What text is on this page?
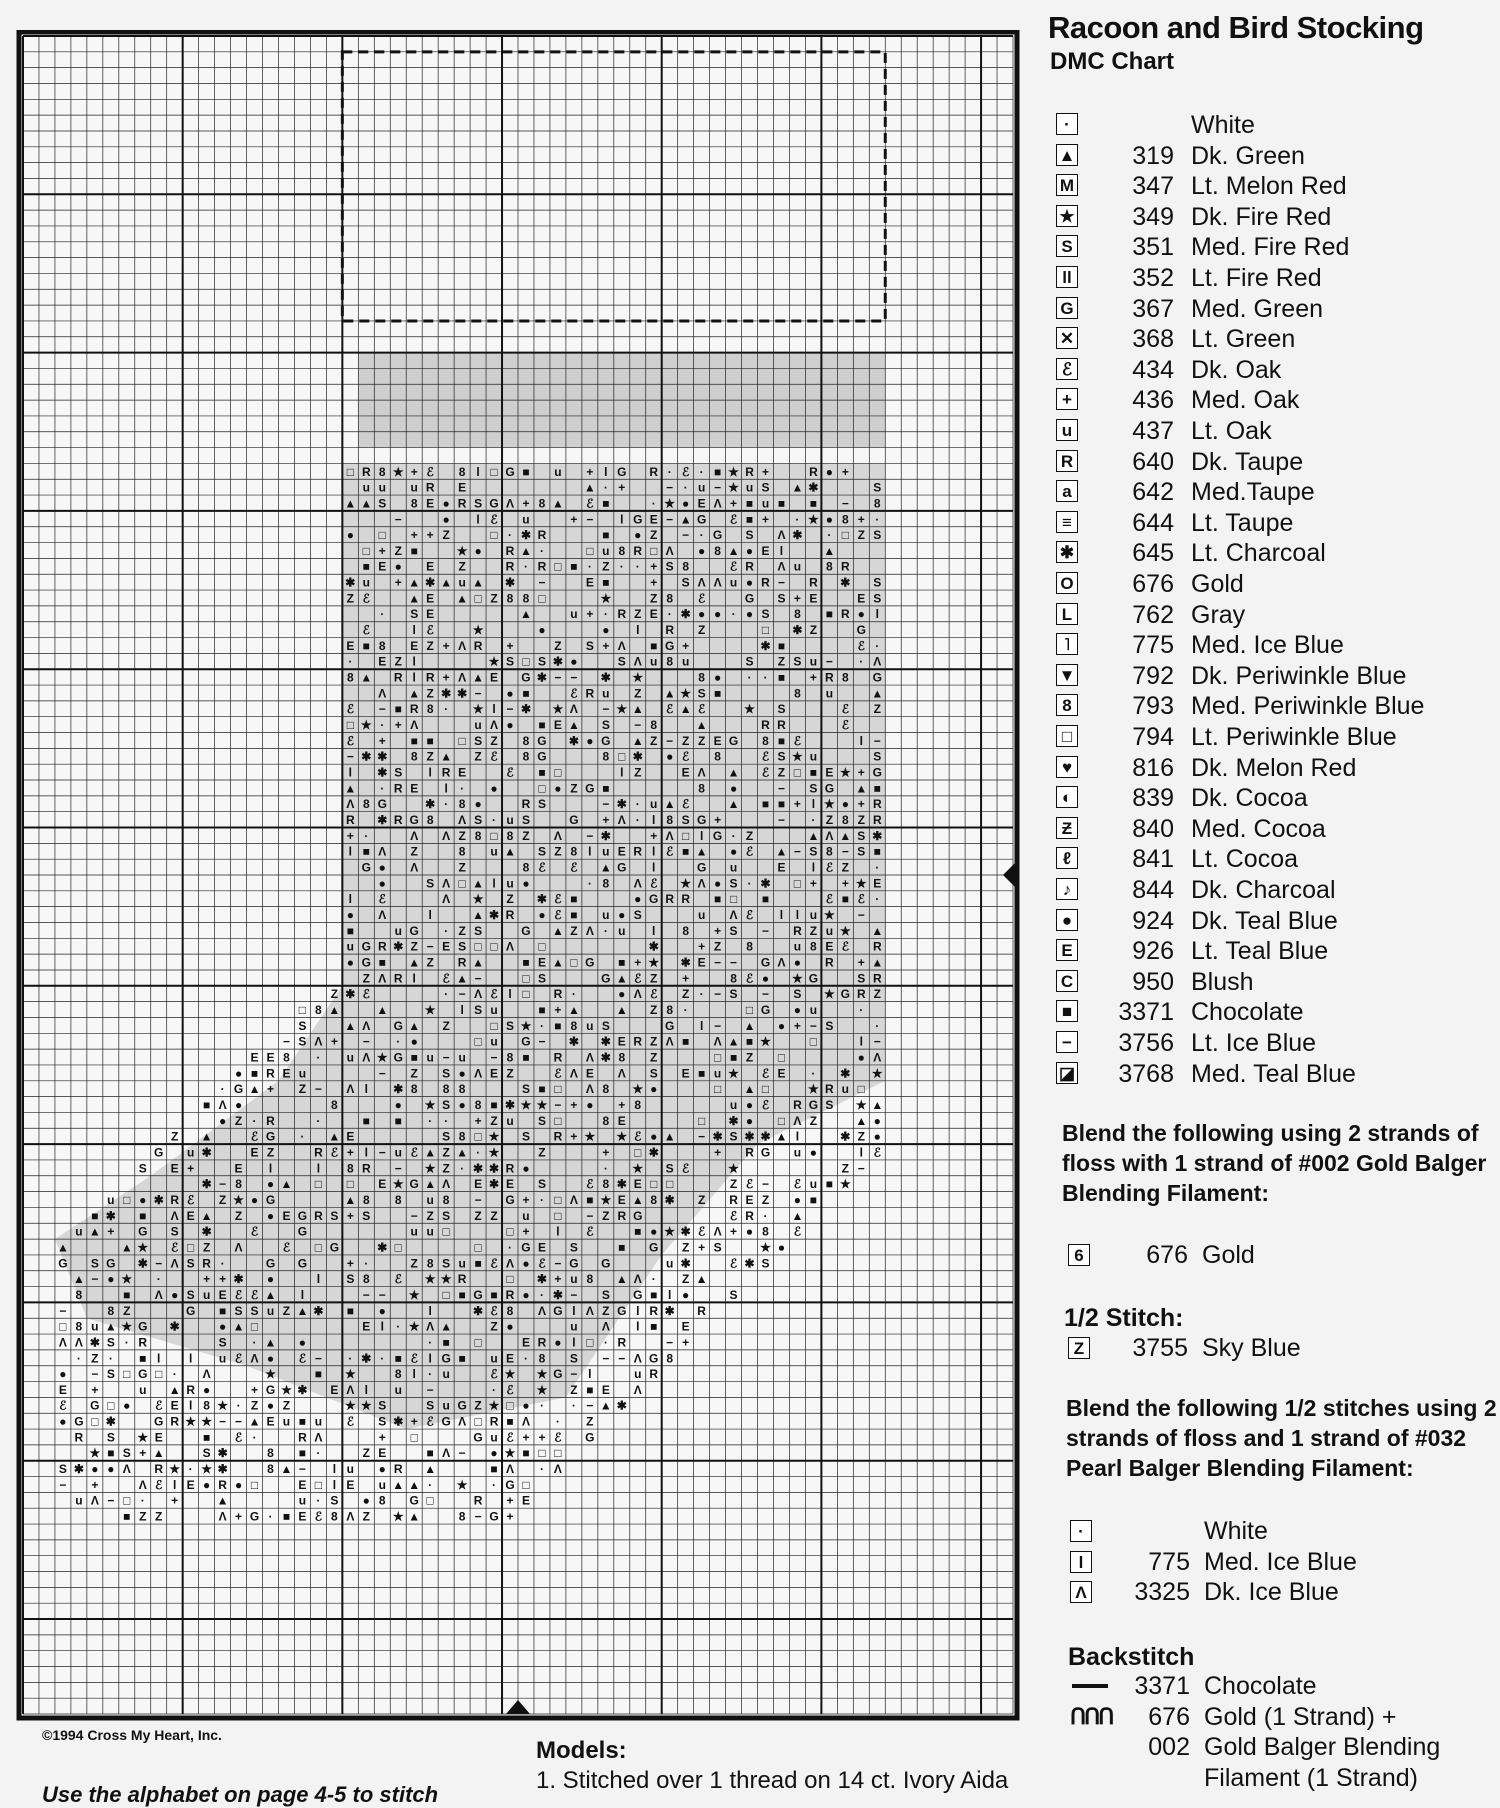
□ R 8 ★ + ℰ 8 l □ G ■ u + l G R · ℰ · ■ ★ R +	R ● +
u u u R E	▲ · +	− · u − ★ u S ▲ ✱	S
▲ ▲ S 8 E ● R S G Λ + 8 ▲ ℰ ■	· ★ ● E Λ + ■ u ■ ■ − 8
−	● l ℰ u	+ − l G E − ▲ G ℰ ■ + · ★ ● 8 + ·
● □ + + Z	□ · ✱ R	■ ● Z − · G S Λ ✱ · □ Z S
□ + Z ■	★ ● R ▲ ·	□ u 8 R □ Λ ● 8 ▲ ● E l	▲
■ E ● E Z	R · R □ ■ · Z · · + S 8	ℰ R Λ u 8 R
✱ u + ▲ ✱ ▲ u ▲ ✱ −	E ■	+ S Λ Λ u ● R − R ✱ S
Z ℰ	▲ E ▲ □ Z 8 8 □	★	Z 8 ℰ	G S + E	E S
· S E	▲	u + · R Z E · ✱ ● ● · ● S 8 ■ R ● l
ℰ	l ℰ	★	●	● l R Z	□ ✱ Z	G
E ■ 8 E Z + Λ R +	Z S + Λ ■ G +	✱ ■	ℰ ·
· E Z l	★ S □ S ✱ ●	S Λ u 8 u	S Z S u − · Λ
8 ▲ R l R + Λ ▲ E G ✱ − − ✱ ★	8 ● · · ■ + R 8 G
Λ ▲ Z ✱ ✱ − ● ■	ℰ R u Z ▲ ★ S ■	8 u	▲
ℰ − ■ R 8 · ★ l − ✱ ★ Λ − ★ ▲ ℰ ▲ ℰ	★ S	ℰ Z
□ ★ · + Λ	u Λ ● ■ E ▲ S − 8	▲	R R	ℰ
ℰ + ■ ■ □ S Z 8 G ✱ ● G ▲ Z − Z Z E G 8 ■ ℰ	l −
− ✱ ✱ 8 Z ▲ Z ℰ 8 G	8 □ ✱ ● ℰ 8	ℰ S ★ u	S
l ✱ S l R E	ℰ ■ □	l Z	E Λ ▲ ℰ Z □ ■ E ★ + G
▲ · R E l · ●	□ ● Z G ■	8 ●	− S G ▲ ■
Λ 8 G	✱ · 8 ●	R S	− ✱ · u ▲ ℰ	▲ ■ ■ + l ★ ● + R
R ✱ R G 8 Λ S · u S	G + Λ · l 8 S G +	− · Z 8 Z R
+ ·	Λ Λ Z 8 □ 8 Z Λ − ✱	+ Λ □ l G · Z	▲ Λ ▲ S ✱
l ■ Λ Z	8 u ▲ S Z 8 l u E R l ℰ ■ ▲ ● ℰ ▲ − S 8 − S ■
G ● Λ	Z	8 ℰ ℰ ▲ G l	G u	E l ℰ Z ·
●	S Λ □ ▲ l u ●	· 8 Λ ℰ ★ Λ ● S · ✱ □ + + ★ E
l ℰ	Λ ★ Z ✱ ℰ ■	● G R R ■ □ ■	ℰ ■ ℰ ·
● Λ	l	▲ ✱ R ● ℰ ■ u ● S	u Λ ℰ l l u ★ −
■	u G · Z S	G ▲ Z Λ · u l 8 + S − R Z u ★ ▲
u G R ✱ Z − E S □ □ Λ □	✱	+ Z 8	u 8 E ℰ R
● G ■ ▲ Z R ▲	■ E ▲ □ G ■ + ★ ✱ E − − G Λ ● R + ▲
Z Λ R l ℰ ▲ −	□ S	G ▲ ℰ Z +	8 ℰ ● ★ G	S R
Z ✱ ℰ	· − Λ ℰ l □ R ·	● Λ ℰ Z · − S − S ★ G R Z
□ 8 ▲	▲	★ l S u	■ + ▲	▲ Z 8 ·	□ G ● u	·
S	▲ Λ G ▲ Z	□ S ★ · ■ 8 u S	G l − ▲ ● + − S	·
− S Λ + − · ●	□ u G − ✱ ✱ E R Z Λ ■ Λ ▲ ■ ★	□	l −
E E 8 · u Λ ★ G ■ u − u − 8 ■ R Λ ✱ 8 Z	□ ■ Z □	● Λ
● ■ R E u	− Z S ● Λ E Z	ℰ Λ E Λ S E ■ u ★ ℰ E · ✱ ★
· G ▲ + Z − Λ l ✱ 8 8 8	S ■ □ Λ 8 ★ ●	□ ▲ □	★ R u □
■ Λ ●	8	● ★ S ● 8 ■ ✱ ★ ★ − + ● + 8	u ● ℰ R G S ★ ▲
● Z · R	·	■ ■ · · + Z u S □	8 E	□ ✱ ● □ Λ Z	▲ ●
Z ▲	ℰ G · ▲ E	S 8 □ ★ S R + ★ ★ ℰ ● ▲ − ✱ S ✱ ✱ ▲ l	✱ Z ●
G u ✱	E Z	R ℰ + l − u ℰ ▲ Z ▲ · ★	Z	+ □ ✱	+ R G u ●	l ℰ
S E +	E l	l 8 R − ★ Z · ✱ ✱ R ●	· ★ S ℰ	★	Z −
✱ − 8 ● ▲ □ □ E ★ G ▲ Λ E ✱ E S	ℰ 8 ✱ E □ □	Z ℰ − ℰ u ■ ★
u □ ● ✱ R ℰ Z ★ ● G	▲ 8 8 u 8 − G + · □ Λ ■ ★ E ▲ 8 ✱ Z R E Z ● ■
■ ✱ ■ Λ E ▲ Z ● E G R S + S	− Z S Z Z u □ − Z R G	ℰ R · ▲
u ▲ + G S ✱	ℰ	G	u u □	□ + l ℰ	■ ● ★ ✱ ℰ Λ + ● 8 ℰ
▲	▲ ★ ℰ □ Z Λ	ℰ □ G	✱ □	□ · G E S	■ G Z + S	★ ●
G S G ✱ − Λ S R ·	G G	+ ·	Z 8 S u ■ ℰ Λ ● ℰ − G G	u ✱	ℰ ✱ S
▲ − ● ★ ·	+ + ✱ ●	l S 8 ℰ ★ ★ R	□ ✱ + u 8 ▲ Λ · Z ▲
8	■ Λ ● S u E ℰ ℰ ▲ l	− − ★ □ ■ G ■ R ● · ✱ − S G ■ l ●	S
−	8 Z	G ■ S S u Z ▲ ✱ ■ ●	l	✱ ℰ 8 Λ G l Λ Z G l R ✱ R
□ 8 u ▲ ★ G ✱	● ▲ □	E l · ★ Λ ▲	Z ●	u Λ l ■ E
Λ Λ ✱ S · R	S · ▲ ●	· ■ □	E R ● l □ · R	− +
· Z · ■ l l u ℰ Λ ● ℰ − · ✱ · ■ ℰ l G ■ u E · 8 S − − Λ G 8
● − S □ G □ · Λ	★	■ ★	8 l · u	ℰ ★ ★ G − l	u R
E +	u ▲ R ●	+ G ★ ✱ E Λ l u −	· ℰ ★ Z ■ E Λ
ℰ G □ ● ℰ E l 8 ★ · Z ● Z	★ ★ S	S u G Z ★ □ ● · · − ▲ ✱
● G □ ✱	G R ★ ★ − − ▲ E u ■ u ℰ S ✱ + ℰ G Λ □ R ■ Λ · Z
R S ★ E	■ ℰ ·	R Λ	+ □	G u ℰ + + ℰ G
★ ■ S + ▲	S ✱	8 ■ ·	Z E	■ Λ − ● ★ ■ □ □
S ✱ ● ● Λ R ★ · ★ ✱	8 ▲ − l u ● R ▲	■ Λ · Λ
− +	Λ ℰ l E ● R ● □	E □ l E u ▲ ▲ · ★ · G □
u Λ − □ · +	▲	u · S ● 8 G □	R + E
■ Z Z	Λ + G · ■ E ℰ 8 Λ Z ★ ▲	8 − G +
©1994 Cross My Heart, Inc.
Use the alphabet on page 4-5 to stitch
Models:
1. Stitched over 1 thread on 14 ct. Ivory Aida
Racoon and Bird Stocking
DMC Chart
·	White
▲	319 Dk. Green
M	347 Lt. Melon Red
★	349 Dk. Fire Red
S	351 Med. Fire Red
ll	352 Lt. Fire Red
G	367 Med. Green
✕	368 Lt. Green
ℰ	434 Dk. Oak
+	436 Med. Oak
u	437 Lt. Oak
R	640 Dk. Taupe
a	642 Med.Taupe
≡	644 Lt. Taupe
✱	645 Lt. Charcoal
O	676 Gold
L	762 Gray
˥	775 Med. Ice Blue
▼	792 Dk. Periwinkle Blue
8	793 Med. Periwinkle Blue
□	794 Lt. Periwinkle Blue
♥	816 Dk. Melon Red
◐	839 Dk. Cocoa
Ƶ	840 Med. Cocoa
ℓ	841 Lt. Cocoa
♪	844 Dk. Charcoal
●	924 Dk. Teal Blue
E	926 Lt. Teal Blue
C	950 Blush
■	3371 Chocolate
−	3756 Lt. Ice Blue
◪	3768 Med. Teal Blue
Blend the following using 2 strands of floss with 1 strand of #002 Gold Balger Blending Filament:
6	676 Gold
1/2 Stitch:
Z	3755 Sky Blue
Blend the following 1/2 stitches using 2 strands of floss and 1 strand of #032 Pearl Balger Blending Filament:
·	White
l	775 Med. Ice Blue
Λ	3325 Dk. Ice Blue
Backstitch
ՈՈՈ
3371 Chocolate
676 Gold (1 Strand) +
002 Gold Balger Blending
Filament (1 Strand)
